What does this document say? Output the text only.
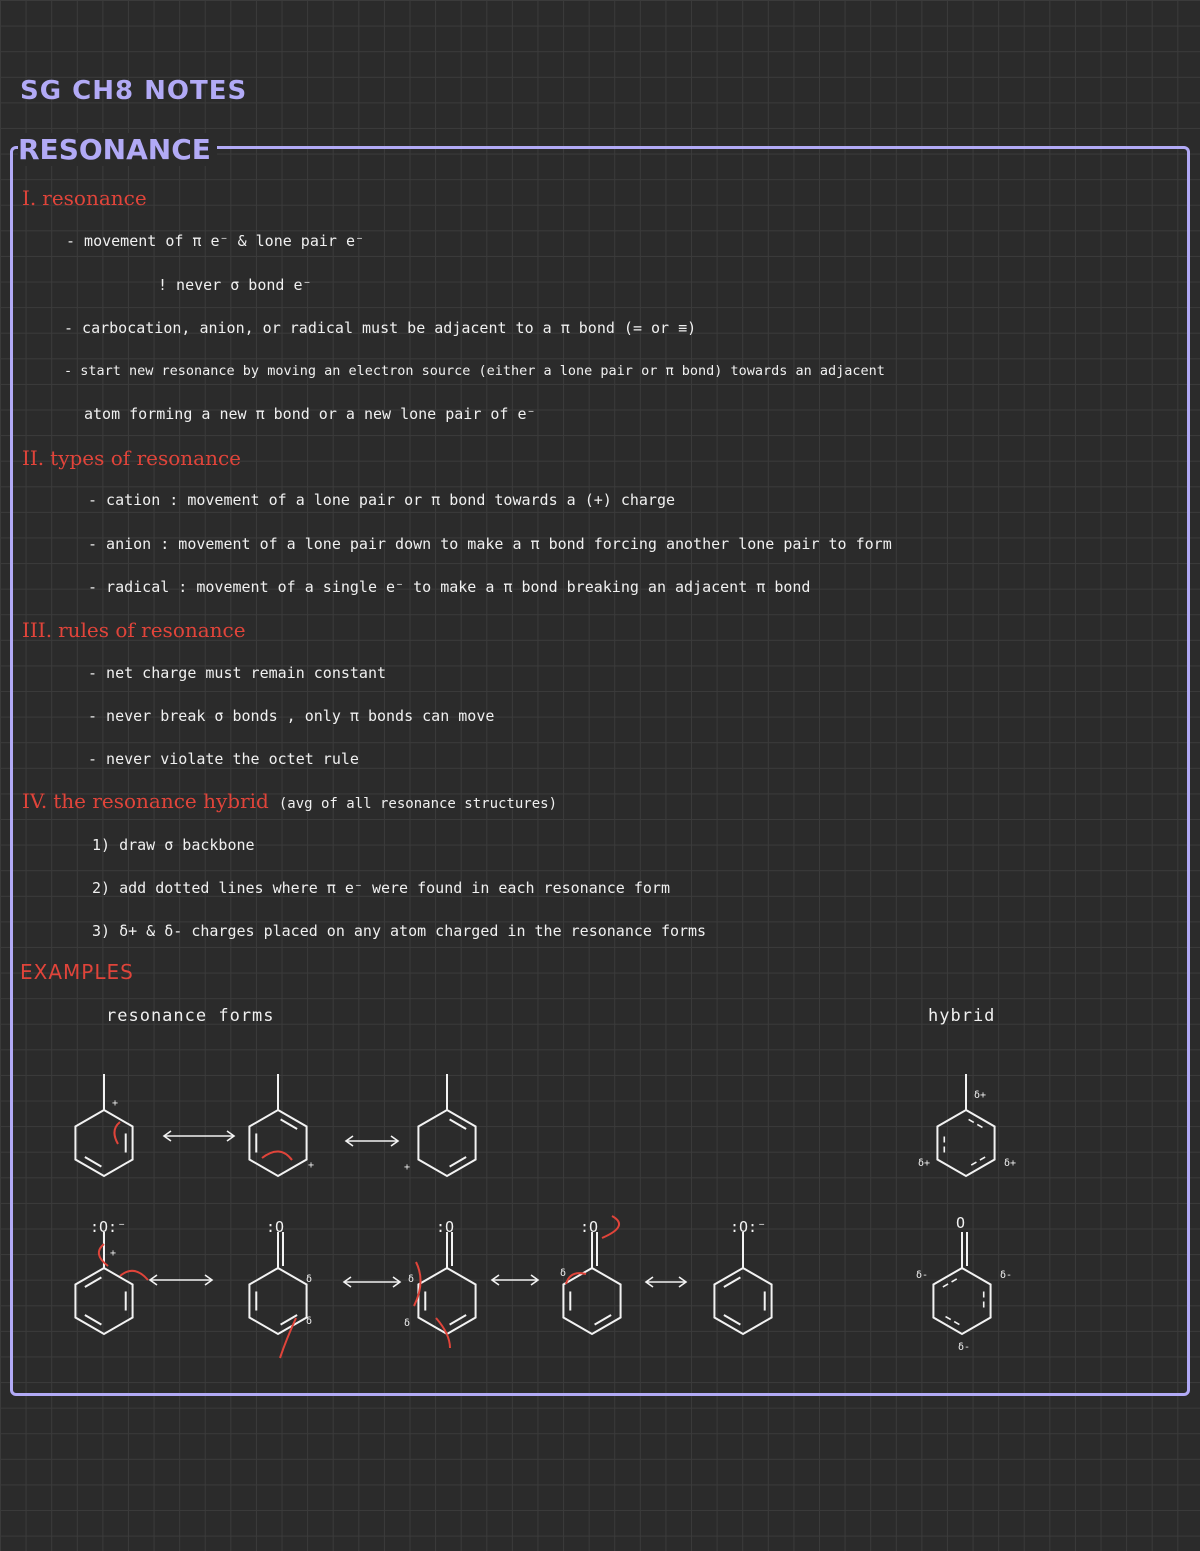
SG CH8 NOTES
RESONANCE
I. resonance
- movement of π e⁻ & lone pair e⁻
! never σ bond e⁻
- carbocation, anion, or radical must be adjacent to a π bond (= or ≡)
- start new resonance by moving an electron source (either a lone pair or π bond) towards an adjacent
atom forming a new π bond or a new lone pair of e⁻
II. types of resonance
- cation : movement of a lone pair or π bond towards a (+) charge
- anion : movement of a lone pair down to make a π bond forcing another lone pair to form
- radical : movement of a single e⁻ to make a π bond breaking an adjacent π bond
III. rules of resonance
- net charge must remain constant
- never break σ bonds , only π bonds can move
- never violate the octet rule
IV. the resonance hybrid (avg of all resonance structures)
1) draw σ backbone
2) add dotted lines where π e⁻ were found in each resonance form
3) δ+ & δ- charges placed on any atom charged in the resonance forms
EXAMPLES
resonance forms	hybrid
+
+	+
δ+
δ+	δ+
:O:⁻
+
:O
δ
δ
:O
δ
δ
:O
δ
:O:⁻	O
δ-	δ-
δ-
